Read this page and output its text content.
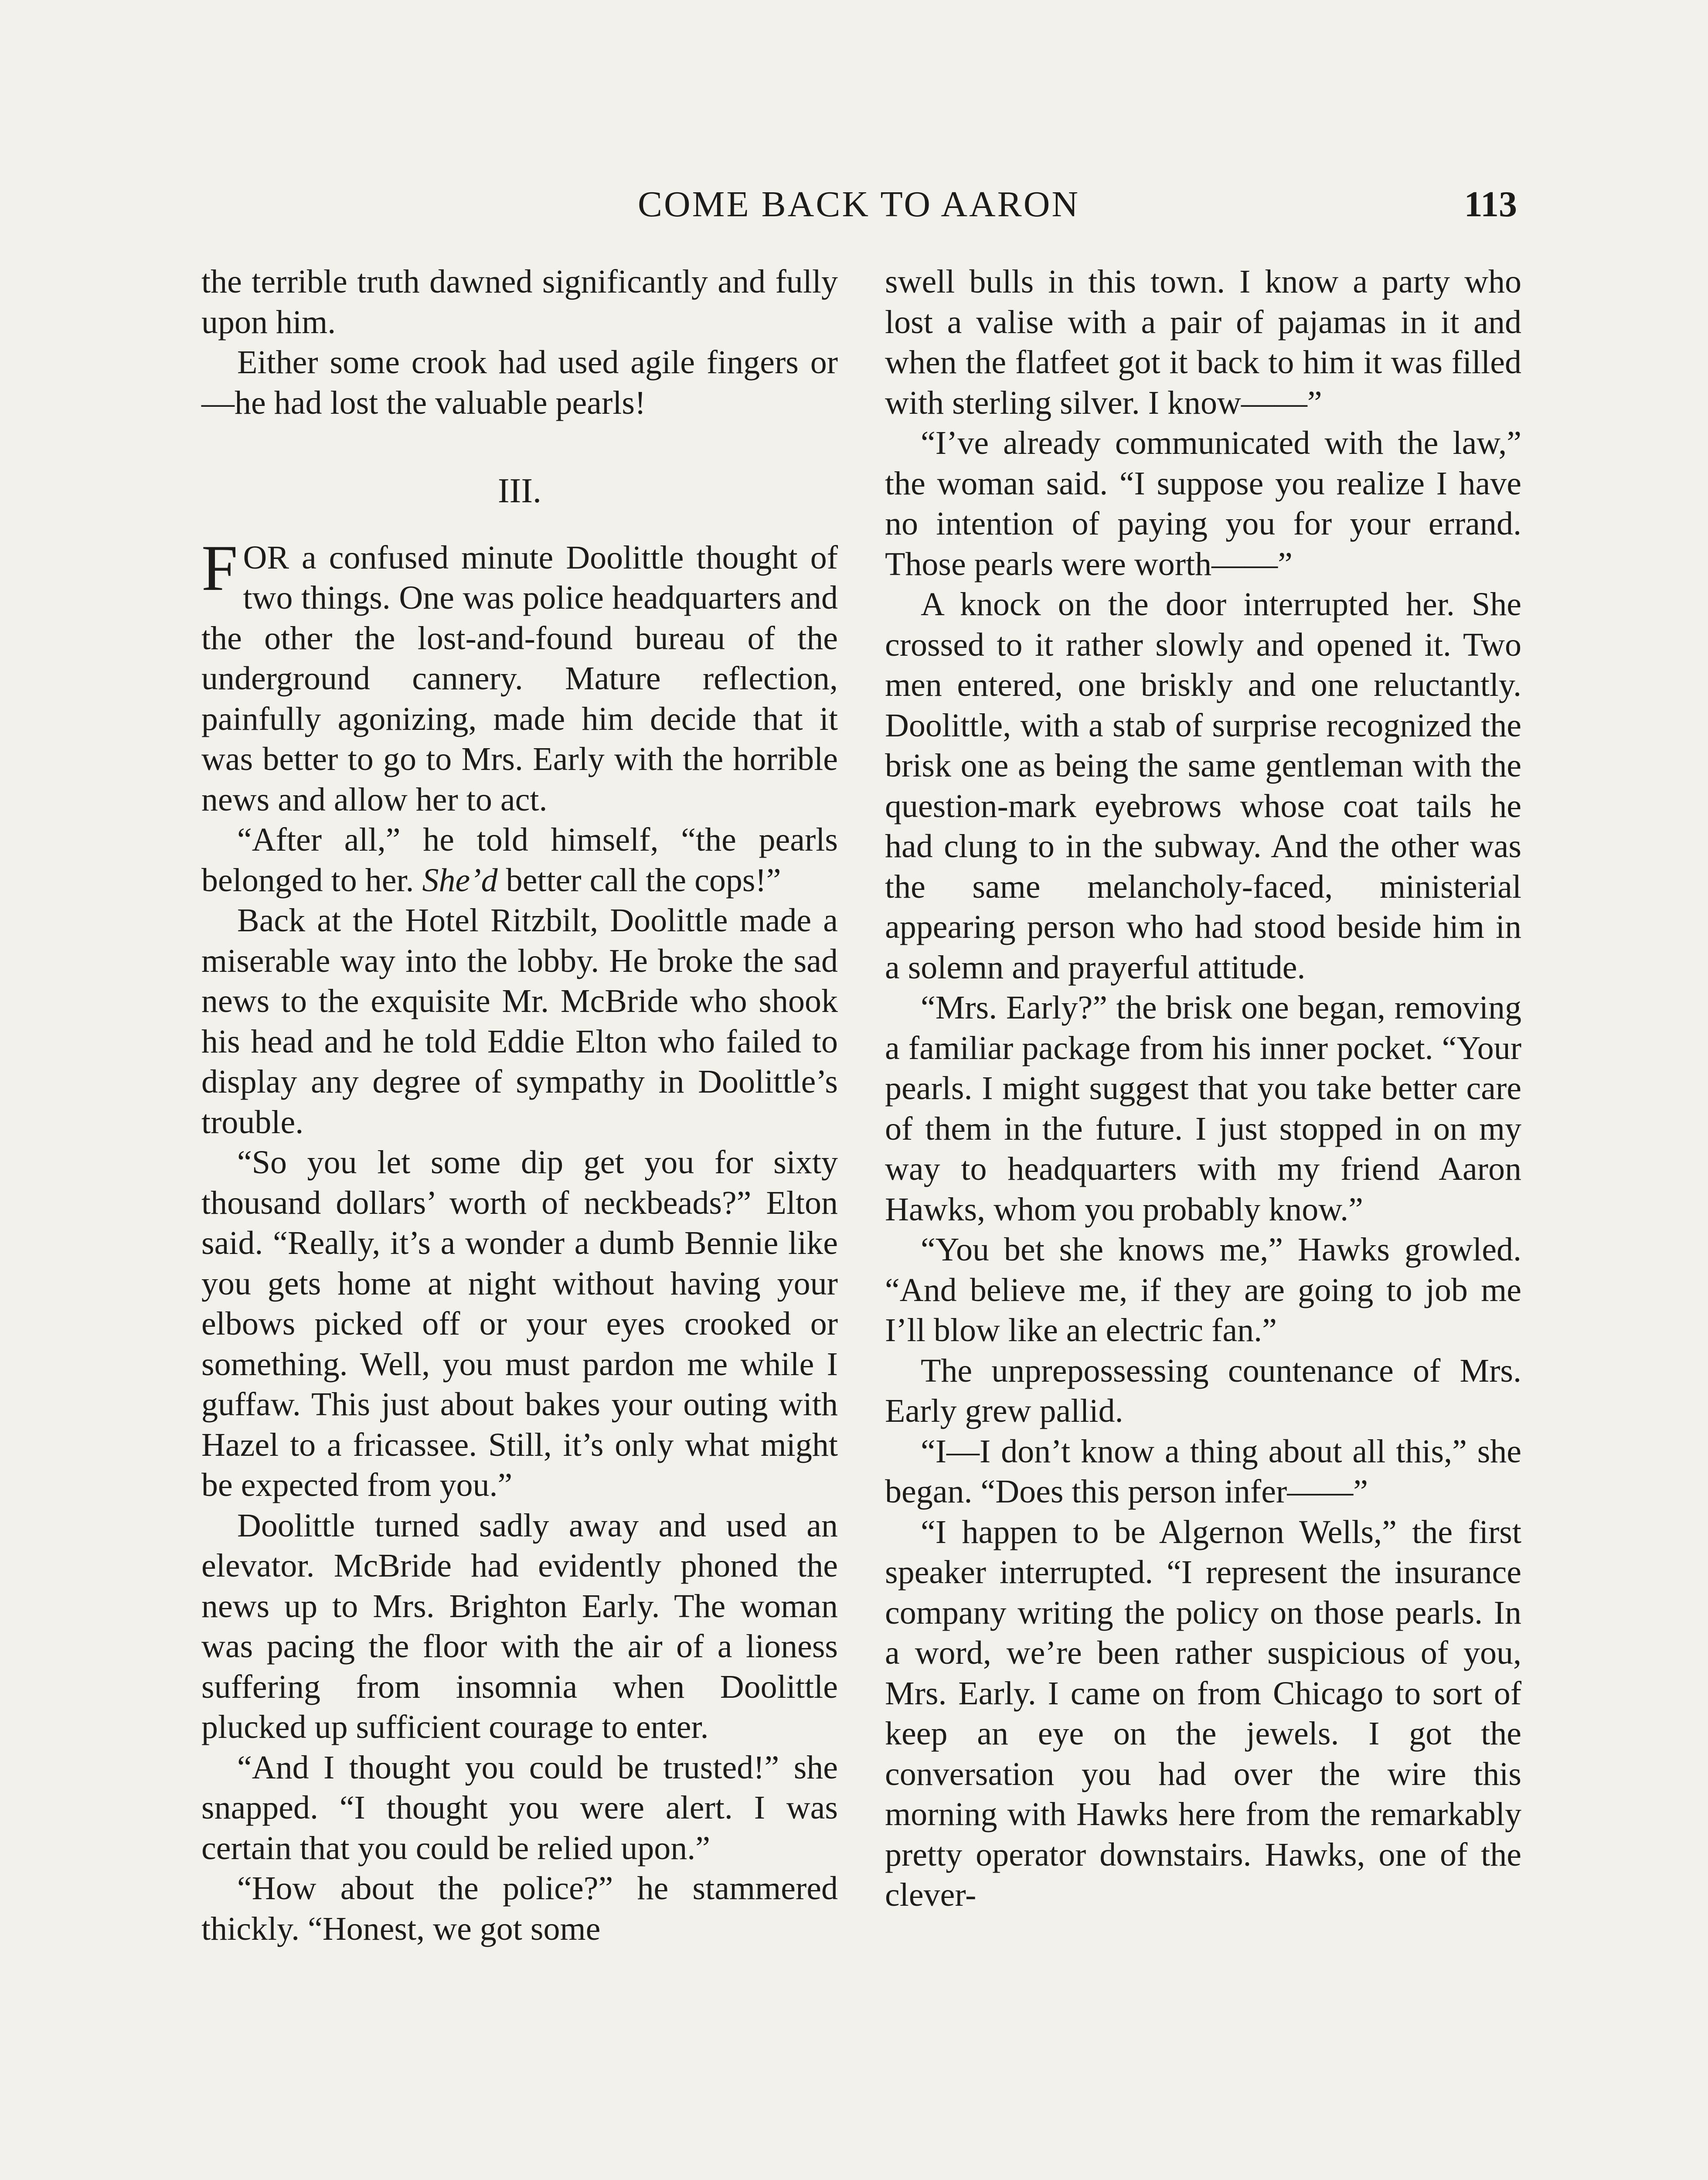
COME BACK TO AARON	113

the terrible truth dawned significantly and fully upon him.

Either some crook had used agile fingers or—he had lost the valuable pearls!

III.

FOR a confused minute Doolittle thought of two things. One was police headquarters and the other the lost-and-found bureau of the underground cannery. Mature reflection, painfully agonizing, made him decide that it was better to go to Mrs. Early with the horrible news and allow her to act.

“After all,” he told himself, “the pearls belonged to her. She’d better call the cops!”

Back at the Hotel Ritzbilt, Doolittle made a miserable way into the lobby. He broke the sad news to the exquisite Mr. McBride who shook his head and he told Eddie Elton who failed to display any degree of sympathy in Doolittle’s trouble.

“So you let some dip get you for sixty thousand dollars’ worth of neckbeads?” Elton said. “Really, it’s a wonder a dumb Bennie like you gets home at night without having your elbows picked off or your eyes crooked or something. Well, you must pardon me while I guffaw. This just about bakes your outing with Hazel to a fricassee. Still, it’s only what might be expected from you.”

Doolittle turned sadly away and used an elevator. McBride had evidently phoned the news up to Mrs. Brighton Early. The woman was pacing the floor with the air of a lioness suffering from insomnia when Doolittle plucked up sufficient courage to enter.

“And I thought you could be trusted!” she snapped. “I thought you were alert. I was certain that you could be relied upon.”

“How about the police?” he stammered thickly. “Honest, we got some

swell bulls in this town. I know a party who lost a valise with a pair of pajamas in it and when the flatfeet got it back to him it was filled with sterling silver. I know——”

“I’ve already communicated with the law,” the woman said. “I suppose you realize I have no intention of paying you for your errand. Those pearls were worth——”

A knock on the door interrupted her. She crossed to it rather slowly and opened it. Two men entered, one briskly and one reluctantly. Doolittle, with a stab of surprise recognized the brisk one as being the same gentleman with the question-mark eyebrows whose coat tails he had clung to in the subway. And the other was the same melancholy-faced, ministerial appearing person who had stood beside him in a solemn and prayerful attitude.

“Mrs. Early?” the brisk one began, removing a familiar package from his inner pocket. “Your pearls. I might suggest that you take better care of them in the future. I just stopped in on my way to headquarters with my friend Aaron Hawks, whom you probably know.”

“You bet she knows me,” Hawks growled. “And believe me, if they are going to job me I’ll blow like an electric fan.”

The unprepossessing countenance of Mrs. Early grew pallid.

“I—I don’t know a thing about all this,” she began. “Does this person infer——”

“I happen to be Algernon Wells,” the first speaker interrupted. “I represent the insurance company writing the policy on those pearls. In a word, we’re been rather suspicious of you, Mrs. Early. I came on from Chicago to sort of keep an eye on the jewels. I got the conversation you had over the wire this morning with Hawks here from the remarkably pretty operator downstairs. Hawks, one of the clever-
